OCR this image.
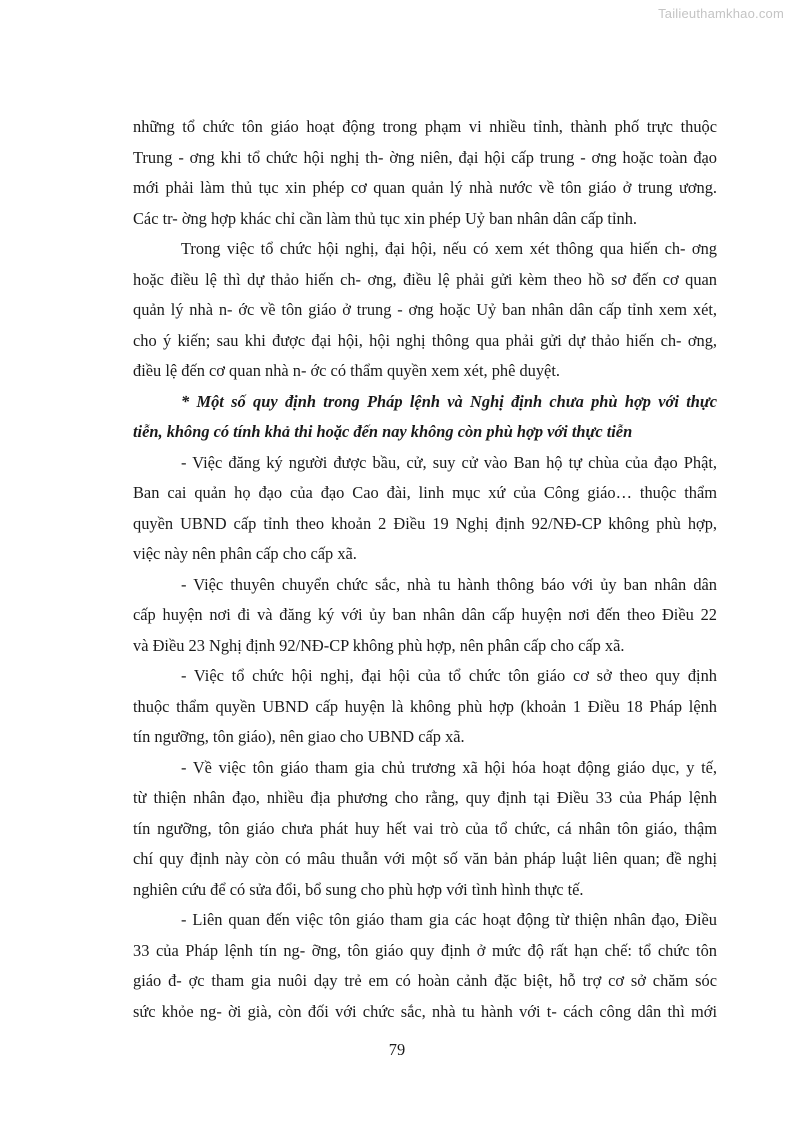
Tailieuthamkhao.com
những tổ chức tôn giáo hoạt động trong phạm vi nhiều tỉnh, thành phố trực thuộc
Trung - ơng khi tổ chức hội nghị th- ờng niên, đại hội cấp trung - ơng hoặc toàn đạo
mới phải làm thủ tục xin phép cơ quan quản lý nhà nước về tôn giáo ở trung ương.
Các tr- ờng hợp khác chỉ cần làm thủ tục xin phép Uỷ ban nhân dân cấp tỉnh.
Trong việc tổ chức hội nghị, đại hội, nếu có xem xét thông qua hiến ch- ơng
hoặc điều lệ thì dự thảo hiến ch- ơng, điều lệ phải gửi kèm theo hồ sơ đến cơ quan
quản lý nhà n- ớc về tôn giáo ở trung - ơng hoặc Uỷ ban nhân dân cấp tỉnh xem xét,
cho ý kiến; sau khi được đại hội, hội nghị thông qua phải gửi dự thảo hiến ch- ơng,
điều lệ đến cơ quan nhà n- ớc có thẩm quyền xem xét, phê duyệt.
* Một số quy định trong Pháp lệnh và Nghị định chưa phù hợp với thực
tiễn, không có tính khả thi hoặc đến nay không còn phù hợp với thực tiễn
- Việc đăng ký người được bầu, cử, suy cử vào Ban hộ tự chùa của đạo Phật,
Ban cai quản họ đạo của đạo Cao đài, linh mục xứ của Công giáo… thuộc thẩm
quyền UBND cấp tỉnh theo khoản 2 Điều 19 Nghị định 92/NĐ-CP không phù hợp,
việc này nên phân cấp cho cấp xã.
- Việc thuyên chuyển chức sắc, nhà tu hành thông báo với ủy ban nhân dân
cấp huyện nơi đi và đăng ký với ủy ban nhân dân cấp huyện nơi đến theo Điều 22
và Điều 23 Nghị định 92/NĐ-CP không phù hợp, nên phân cấp cho cấp xã.
- Việc tổ chức hội nghị, đại hội của tổ chức tôn giáo cơ sở theo quy định
thuộc thẩm quyền UBND cấp huyện là không phù hợp (khoản 1 Điều 18 Pháp lệnh
tín ngưỡng, tôn giáo), nên giao cho UBND cấp xã.
- Về việc tôn giáo tham gia chủ trương xã hội hóa hoạt động giáo dục, y tế,
từ thiện nhân đạo, nhiều địa phương cho rằng, quy định tại Điều 33 của Pháp lệnh
tín ngưỡng, tôn giáo chưa phát huy hết vai trò của tổ chức, cá nhân tôn giáo, thậm
chí quy định này còn có mâu thuẫn với một số văn bản pháp luật liên quan; đề nghị
nghiên cứu để có sửa đổi, bổ sung cho phù hợp với tình hình thực tế.
- Liên quan đến việc tôn giáo tham gia các hoạt động từ thiện nhân đạo, Điều
33 của Pháp lệnh tín ng- ỡng, tôn giáo quy định ở mức độ rất hạn chế: tổ chức tôn
giáo đ- ợc tham gia nuôi dạy trẻ em có hoàn cảnh đặc biệt, hỗ trợ cơ sở chăm sóc
sức khỏe ng- ời già, còn đối với chức sắc, nhà tu hành với t- cách công dân thì mới
79
